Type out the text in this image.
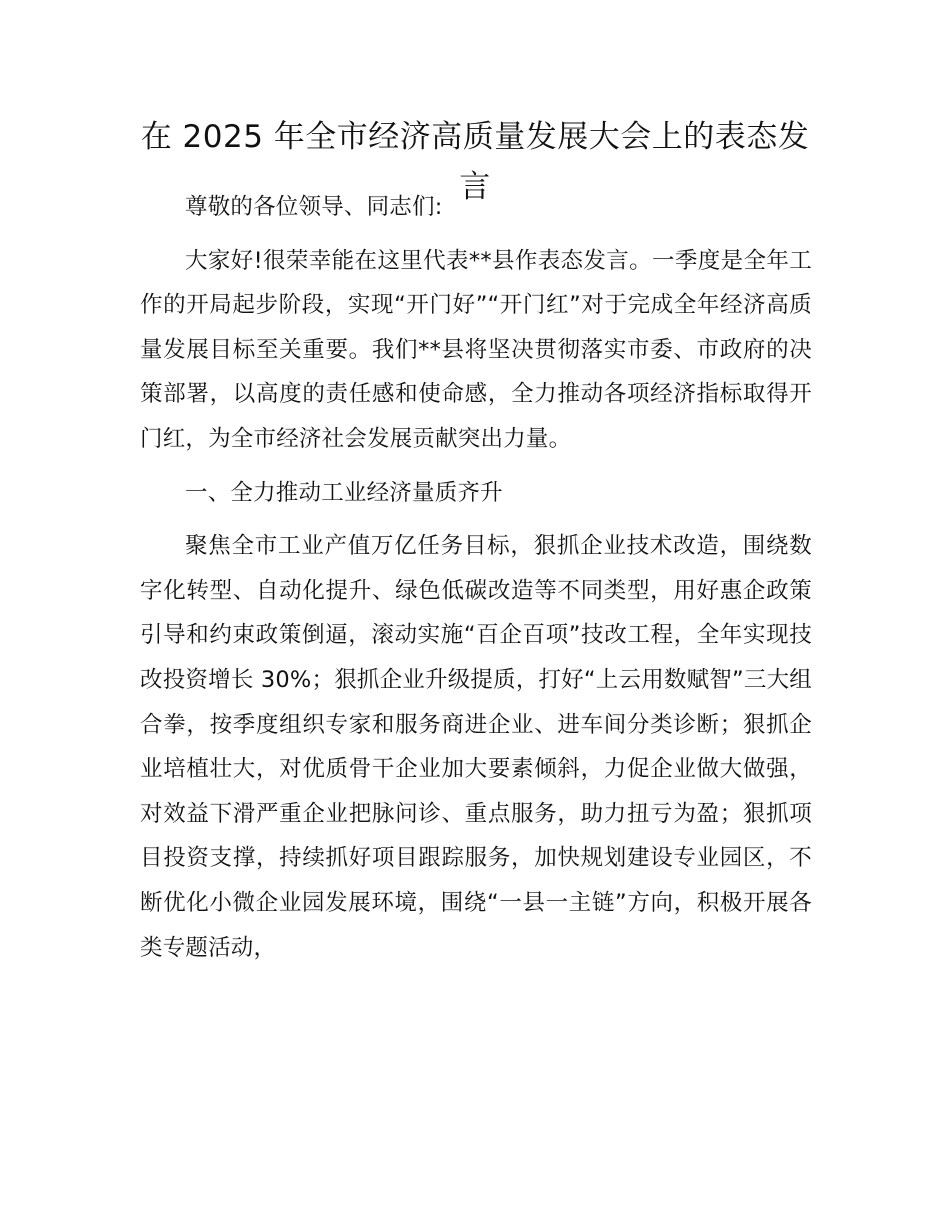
在 2025 年全市经济高质量发展大会上的表态发言

尊敬的各位领导、同志们:

大家好!很荣幸能在这里代表**县作表态发言。一季度是全年工作的开局起步阶段，实现“开门好”“开门红”对于完成全年经济高质量发展目标至关重要。我们**县将坚决贯彻落实市委、市政府的决策部署，以高度的责任感和使命感，全力推动各项经济指标取得开门红，为全市经济社会发展贡献突出力量。

一、全力推动工业经济量质齐升

聚焦全市工业产值万亿任务目标，狠抓企业技术改造，围绕数字化转型、自动化提升、绿色低碳改造等不同类型，用好惠企政策引导和约束政策倒逼，滚动实施“百企百项”技改工程，全年实现技改投资增长 30%；狠抓企业升级提质，打好“上云用数赋智”三大组合拳，按季度组织专家和服务商进企业、进车间分类诊断；狠抓企业培植壮大，对优质骨干企业加大要素倾斜，力促企业做大做强，对效益下滑严重企业把脉问诊、重点服务，助力扭亏为盈；狠抓项目投资支撑，持续抓好项目跟踪服务，加快规划建设专业园区，不断优化小微企业园发展环境，围绕“一县一主链”方向，积极开展各类专题活动，
